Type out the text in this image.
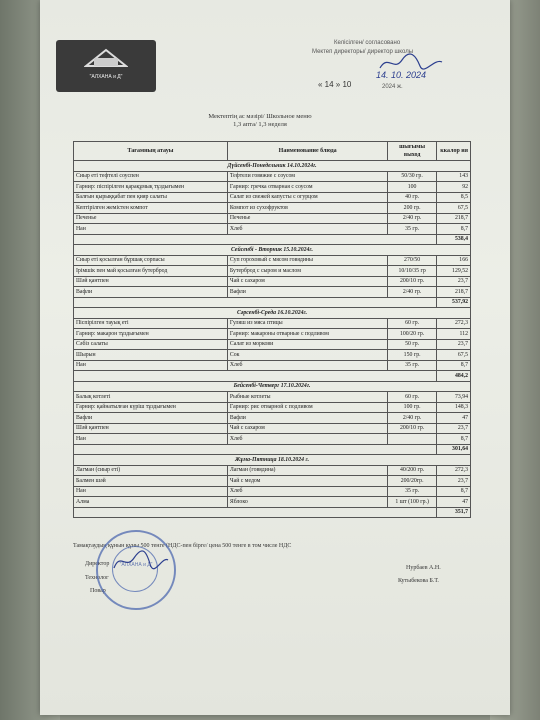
"АЛХАНА и Д"
Келісілген/ согласовано
Мектеп директоры/ директор школы
« 14 » 10
14. 10. 2024
2024 ж.
Мектептің ас мәзірі/ Школьное меню
1,3 апта/ 1,3 неделя
Тағамның атауы	Наименование блюда	шығымы выход	ккалор ия
Дүйсенбі-Понедельник 14.10.2024г.			
Сиыр еті тефтелі соуспен	Тефтели говяжие с соусом	50/30 гр.	143
Гарнир: піспірілген қарақұмық тұздығымен	Гарнир: гречка отварная с соусом	100	92
Балғын қырыққабат пен қияр салаты	Салат из свежей капусты с огурцом	40 гр.	8,5
Кептірілген жемістен компот	Компот из сухофруктов	200 гр.	67,5
Печенье	Печенье	2/40 гр.	218,7
Нан	Хлеб	35 гр.	8,7
			538,4
Сейсенбі - Вторник 15.10.2024г.			
Сиыр еті қосылған бұршақ сорпасы	Суп гороховый с мясом говядины	270/50	166
Ірімшік пен май қосылған бутерброд	Бутерброд с сыром и маслом	10/10/35 гр	129,52
Шәй қантпен	Чай с сахаром	200/10 гр.	23,7
Вафли	Вафли	2/40 гр.	218,7
			537,92
Сәрсенбі-Среда 16.10.2024г.			
Піспірілген тауық еті	Гуляш из мяса птицы	60 гр.	272,3
Гарнир: макарон тұздығымен	Гарнир: макароны отварные с подливом	100/20 гр.	112
Сәбіз салаты	Салат из моркови	50 гр.	23,7
Шырын	Сок	150 гр.	67,5
Нан	Хлеб	35 гр.	8,7
			484,2
Бейсенбі-Четверг 17.10.2024г.			
Балық котлеті	Рыбные котлеты	60 гр.	73,94
Гарнир: қайнатылған күріш тұздығымен	Гарнир: рис отварной с подливом	100 гр.	148,3
Вафли	Вафли	2/40 гр.	47
Шәй қантпен	Чай с сахаром	200/10 гр.	23,7
Нан	Хлеб		8,7
			301,64
Жұма-Пятница 18.10.2024 г.			
Лагман (сиыр еті)	Лагман (говядина)	40/200 гр.	272,3
Балмен шәй	Чай с медом	200/20гр.	23,7
Нан	Хлеб	35 гр.	8,7
Алма	Яблоко	1 шт (100 гр.)	47
			351,7
Тамақтаудың құнын құны 500 тенге (НДС-пен бірге/ цена 500 тенге в том числе НДС
Директор
Технолог
Повар
Нурбаев А.Н.
Кутыбекова Б.Т.
"АЛХАНА и Д"
